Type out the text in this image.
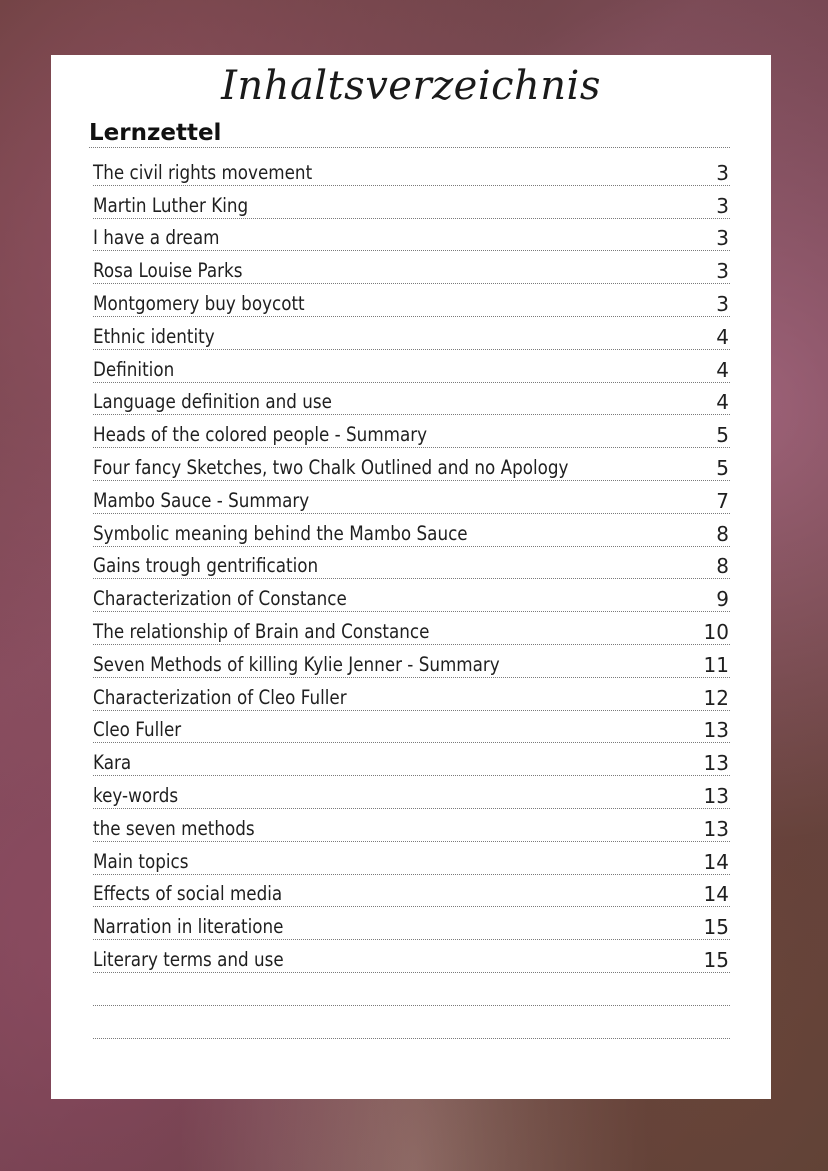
Inhaltsverzeichnis
Lernzettel
The civil rights movement	3
Martin Luther King	3
I have a dream	3
Rosa Louise Parks	3
Montgomery buy boycott	3
Ethnic identity	4
Definition	4
Language definition and use	4
Heads of the colored people - Summary	5
Four fancy Sketches, two Chalk Outlined and no Apology	5
Mambo Sauce - Summary	7
Symbolic meaning behind the Mambo Sauce	8
Gains trough gentrification	8
Characterization of Constance	9
The relationship of Brain and Constance	10
Seven Methods of killing Kylie Jenner - Summary	11
Characterization of Cleo Fuller	12
Cleo Fuller	13
Kara	13
key-words	13
the seven methods	13
Main topics	14
Effects of social media	14
Narration in literatione	15
Literary terms and use	15
